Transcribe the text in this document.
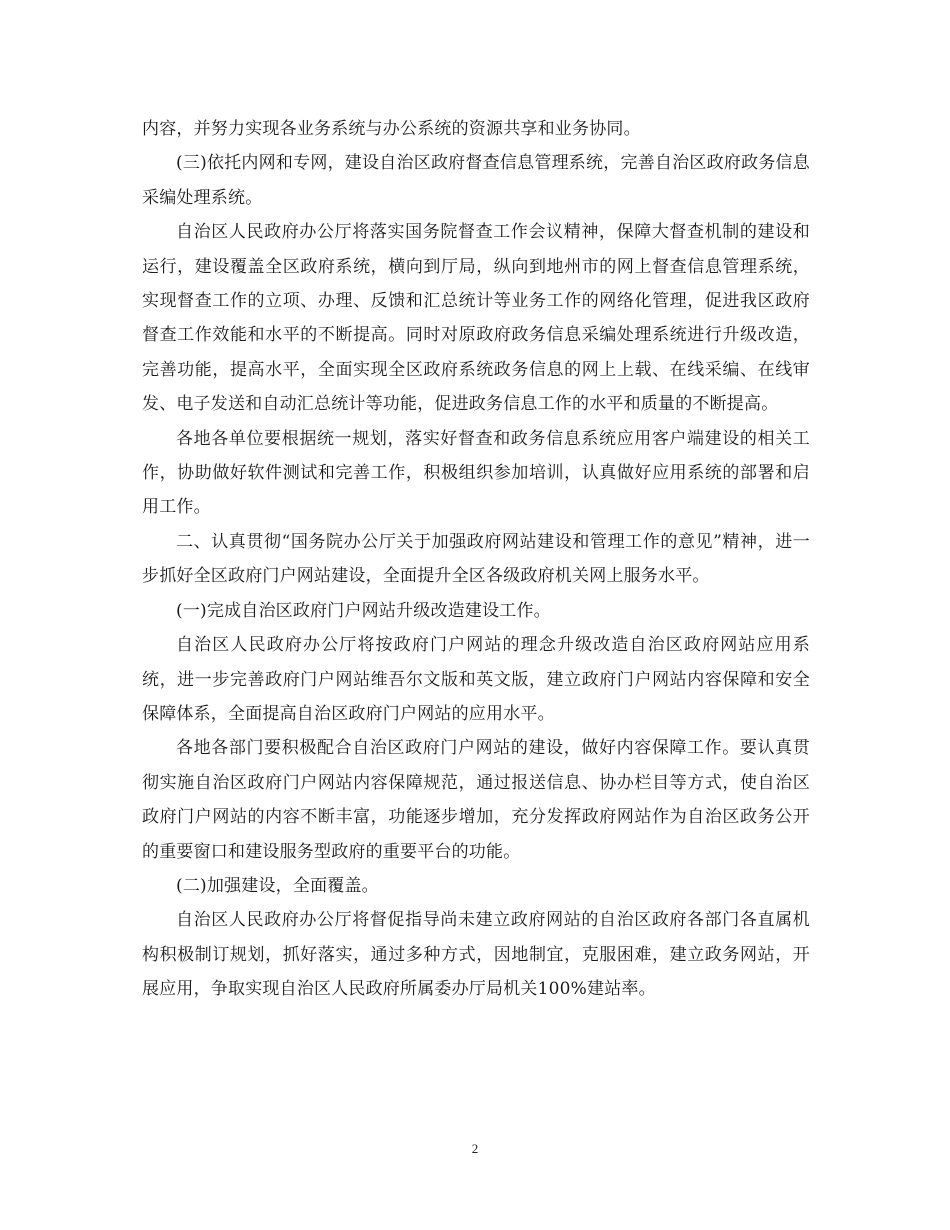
内容，并努力实现各业务系统与办公系统的资源共享和业务协同。

(三)依托内网和专网，建设自治区政府督查信息管理系统，完善自治区政府政务信息采编处理系统。

自治区人民政府办公厅将落实国务院督查工作会议精神，保障大督查机制的建设和运行，建设覆盖全区政府系统，横向到厅局，纵向到地州市的网上督查信息管理系统，实现督查工作的立项、办理、反馈和汇总统计等业务工作的网络化管理，促进我区政府督查工作效能和水平的不断提高。同时对原政府政务信息采编处理系统进行升级改造，完善功能，提高水平，全面实现全区政府系统政务信息的网上上载、在线采编、在线审发、电子发送和自动汇总统计等功能，促进政务信息工作的水平和质量的不断提高。

各地各单位要根据统一规划，落实好督查和政务信息系统应用客户端建设的相关工作，协助做好软件测试和完善工作，积极组织参加培训，认真做好应用系统的部署和启用工作。

二、认真贯彻“国务院办公厅关于加强政府网站建设和管理工作的意见”精神，进一步抓好全区政府门户网站建设，全面提升全区各级政府机关网上服务水平。

(一)完成自治区政府门户网站升级改造建设工作。

自治区人民政府办公厅将按政府门户网站的理念升级改造自治区政府网站应用系统，进一步完善政府门户网站维吾尔文版和英文版，建立政府门户网站内容保障和安全保障体系，全面提高自治区政府门户网站的应用水平。

各地各部门要积极配合自治区政府门户网站的建设，做好内容保障工作。要认真贯彻实施自治区政府门户网站内容保障规范，通过报送信息、协办栏目等方式，使自治区政府门户网站的内容不断丰富，功能逐步增加，充分发挥政府网站作为自治区政务公开的重要窗口和建设服务型政府的重要平台的功能。

(二)加强建设，全面覆盖。

自治区人民政府办公厅将督促指导尚未建立政府网站的自治区政府各部门各直属机构积极制订规划，抓好落实，通过多种方式，因地制宜，克服困难，建立政务网站，开展应用，争取实现自治区人民政府所属委办厅局机关100%建站率。

2
